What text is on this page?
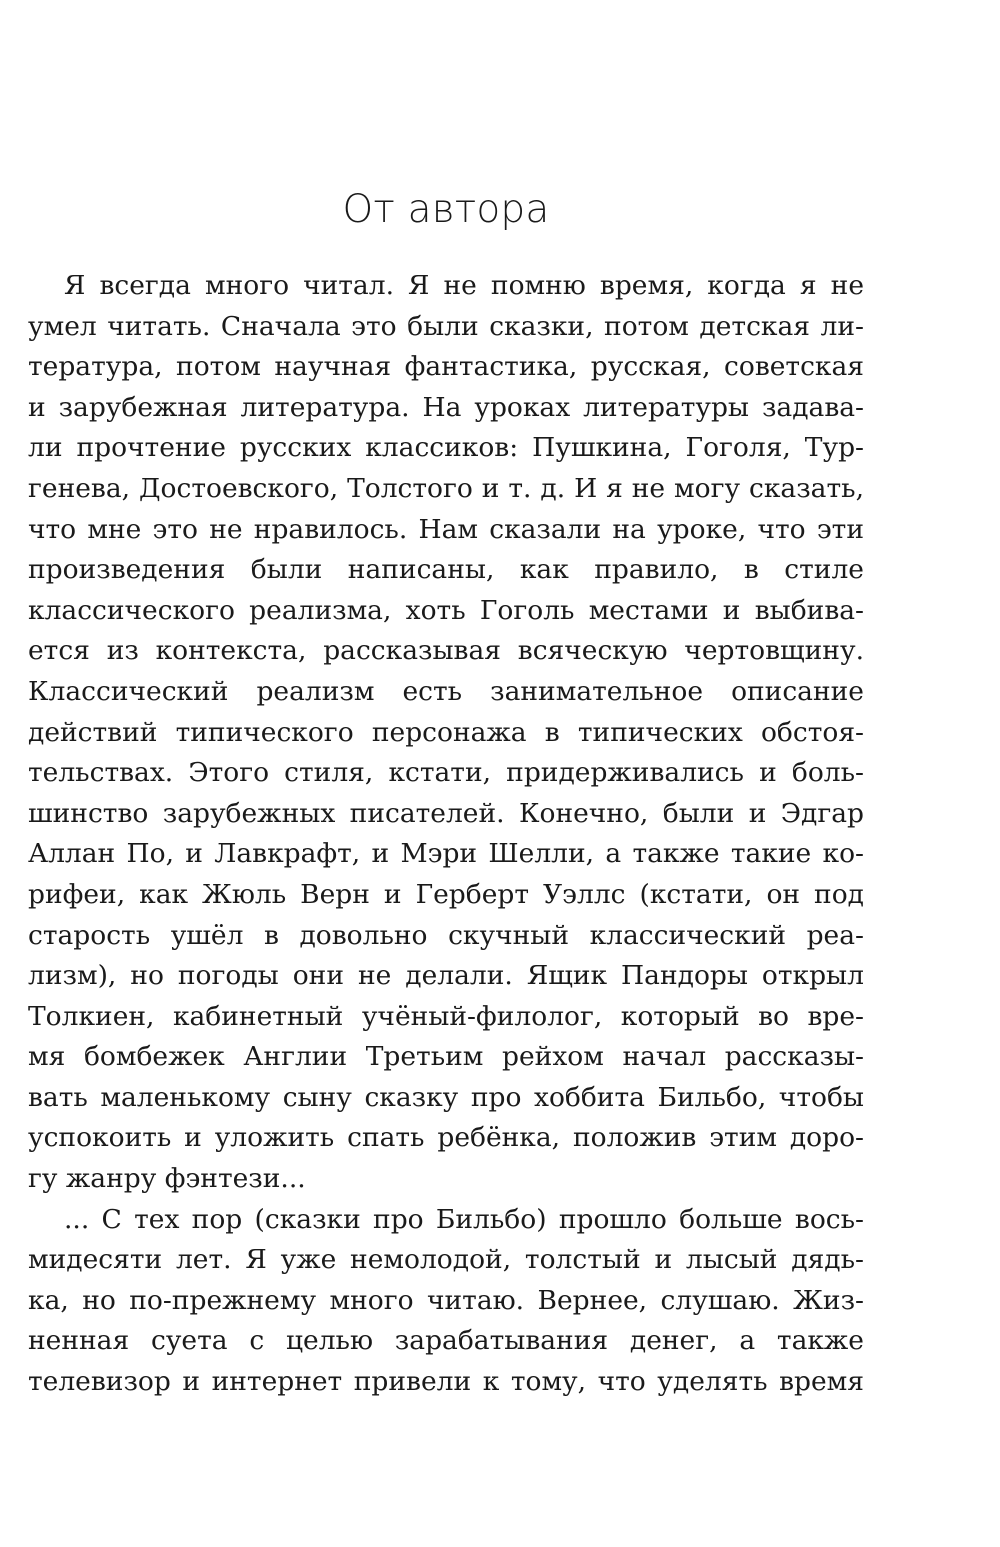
От автора
Я всегда много читал. Я не помню время, когда я не
умел читать. Сначала это были сказки, потом детская ли-
тература, потом научная фантастика, русская, советская
и зарубежная литература. На уроках литературы задава-
ли прочтение русских классиков: Пушкина, Гоголя, Тур-
генева, Достоевского, Толстого и т. д. И я не могу сказать,
что мне это не нравилось. Нам сказали на уроке, что эти
произведения были написаны, как правило, в стиле
классического реализма, хоть Гоголь местами и выбива-
ется из контекста, рассказывая всяческую чертовщину.
Классический реализм есть занимательное описание
действий типического персонажа в типических обстоя-
тельствах. Этого стиля, кстати, придерживались и боль-
шинство зарубежных писателей. Конечно, были и Эдгар
Аллан По, и Лавкрафт, и Мэри Шелли, а также такие ко-
рифеи, как Жюль Верн и Герберт Уэллс (кстати, он под
старость ушёл в довольно скучный классический реа-
лизм), но погоды они не делали. Ящик Пандоры открыл
Толкиен, кабинетный учёный-филолог, который во вре-
мя бомбежек Англии Третьим рейхом начал рассказы-
вать маленькому сыну сказку про хоббита Бильбо, чтобы
успокоить и уложить спать ребёнка, положив этим доро-
гу жанру фэнтези...
... С тех пор (сказки про Бильбо) прошло больше вось-
мидесяти лет. Я уже немолодой, толстый и лысый дядь-
ка, но по-прежнему много читаю. Вернее, слушаю. Жиз-
ненная суета с целью зарабатывания денег, а также
телевизор и интернет привели к тому, что уделять время
